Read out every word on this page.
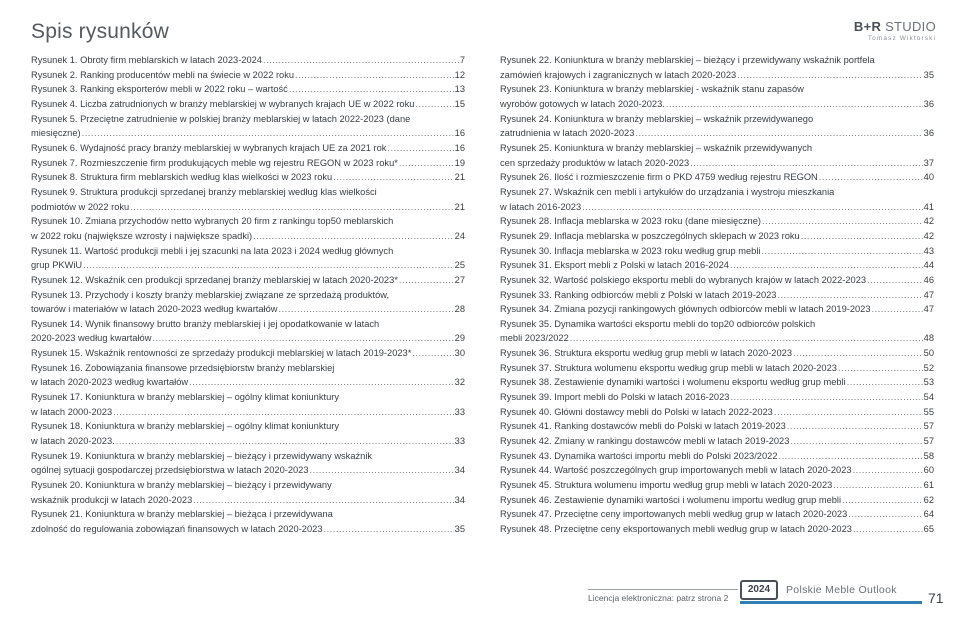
Spis rysunków	B+R STUDIO
Tomasz Wiktorski
Rysunek 1. Obroty firm meblarskich w latach 2023-2024 .....	7
Rysunek 2. Ranking producentów mebli na świecie w 2022 roku .....	12
Rysunek 3. Ranking eksporterów mebli w 2022 roku – wartość .....	13
Rysunek 4. Liczba zatrudnionych w branży meblarskiej w wybranych krajach UE w 2022 roku .....	15
Rysunek 5. Przeciętne zatrudnienie w polskiej branży meblarskiej w latach 2022-2023 (dane
miesięczne) .....	16
Rysunek 6. Wydajność pracy branży meblarskiej w wybranych krajach UE za 2021 rok .....	16
Rysunek 7. Rozmieszczenie firm produkujących meble wg rejestru REGON w 2023 roku* .....	19
Rysunek 8. Struktura firm meblarskich według klas wielkości w 2023 roku .....	21
Rysunek 9. Struktura produkcji sprzedanej branży meblarskiej według klas wielkości
podmiotów w 2022 roku .....	21
Rysunek 10. Zmiana przychodów netto wybranych 20 firm z rankingu top50 meblarskich
w 2022 roku (największe wzrosty i największe spadki) .....	24
Rysunek 11. Wartość produkcji mebli i jej szacunki na lata 2023 i 2024 według głównych
grup PKWiU .....	25
Rysunek 12. Wskaźnik cen produkcji sprzedanej branży meblarskiej w latach 2020-2023* .....	27
Rysunek 13. Przychody i koszty branży meblarskiej związane ze sprzedażą produktów,
towarów i materiałów w latach 2020-2023 według kwartałów .....	28
Rysunek 14. Wynik finansowy brutto branży meblarskiej i jej opodatkowanie w latach
2020-2023 według kwartałów .....	29
Rysunek 15. Wskaźnik rentowności ze sprzedaży produkcji meblarskiej w latach 2019-2023* .....	30
Rysunek 16. Zobowiązania finansowe przedsiębiorstw branży meblarskiej
w latach 2020-2023 według kwartałów .....	32
Rysunek 17. Koniunktura w branży meblarskiej – ogólny klimat koniunktury
w latach 2000-2023 .....	33
Rysunek 18. Koniunktura w branży meblarskiej – ogólny klimat koniunktury
w latach 2020-2023. .....	33
Rysunek 19. Koniunktura w branży meblarskiej – bieżący i przewidywany wskaźnik
ogólnej sytuacji gospodarczej przedsiębiorstwa w latach 2020-2023 .....	34
Rysunek 20. Koniunktura w branży meblarskiej – bieżący i przewidywany
wskaźnik produkcji w latach 2020-2023 .....	34
Rysunek 21. Koniunktura w branży meblarskiej – bieżąca i przewidywana
zdolność do regulowania zobowiązań finansowych w latach 2020-2023 .....	35
Rysunek 22. Koniunktura w branży meblarskiej – bieżący i przewidywany wskaźnik portfela
zamówień krajowych i zagranicznych w latach 2020-2023 .....	35
Rysunek 23. Koniunktura w branży meblarskiej - wskaźnik stanu zapasów
wyrobów gotowych w latach 2020-2023. .....	36
Rysunek 24. Koniunktura w branży meblarskiej – wskaźnik przewidywanego
zatrudnienia w latach 2020-2023 .....	36
Rysunek 25. Koniunktura w branży meblarskiej – wskaźnik przewidywanych
cen sprzedaży produktów w latach 2020-2023 .....	37
Rysunek 26. Ilość i rozmieszczenie firm o PKD 4759 według rejestru REGON .....	40
Rysunek 27. Wskaźnik cen mebli i artykułów do urządzania i wystroju mieszkania
w latach 2016-2023 .....	41
Rysunek 28. Inflacja meblarska w 2023 roku (dane miesięczne) .....	42
Rysunek 29. Inflacja meblarska w poszczególnych sklepach w 2023 roku .....	42
Rysunek 30. Inflacja meblarska w 2023 roku według grup mebli .....	43
Rysunek 31. Eksport mebli z Polski w latach 2016-2024 .....	44
Rysunek 32. Wartość polskiego eksportu mebli do wybranych krajów w latach 2022-2023 .....	46
Rysunek 33. Ranking odbiorców mebli z Polski w latach 2019-2023 .....	47
Rysunek 34. Zmiana pozycji rankingowych głównych odbiorców mebli w latach 2019-2023 .....	47
Rysunek 35. Dynamika wartości eksportu mebli do top20 odbiorców polskich
mebli 2023/2022 .....	48
Rysunek 36. Struktura eksportu według grup mebli w latach 2020-2023 .....	50
Rysunek 37. Struktura wolumenu eksportu według grup mebli w latach 2020-2023 .....	52
Rysunek 38. Zestawienie dynamiki wartości i wolumenu eksportu według grup mebli .....	53
Rysunek 39. Import mebli do Polski w latach 2016-2023 .....	54
Rysunek 40. Główni dostawcy mebli do Polski w latach 2022-2023 .....	55
Rysunek 41. Ranking dostawców mebli do Polski w latach 2019-2023 .....	57
Rysunek 42. Zmiany w rankingu dostawców mebli w latach 2019-2023 .....	57
Rysunek 43. Dynamika wartości importu mebli do Polski 2023/2022 .....	58
Rysunek 44. Wartość poszczególnych grup importowanych mebli w latach 2020-2023 .....	60
Rysunek 45. Struktura wolumenu importu według grup mebli w latach 2020-2023 .....	61
Rysunek 46. Zestawienie dynamiki wartości i wolumenu importu według grup mebli .....	62
Rysunek 47. Przeciętne ceny importowanych mebli według grup w latach 2020-2023 .....	64
Rysunek 48. Przeciętne ceny eksportowanych mebli według grup w latach 2020-2023 .....	65
Licencja elektroniczna: patrz strona 2
2024	Polskie Meble Outlook 71
